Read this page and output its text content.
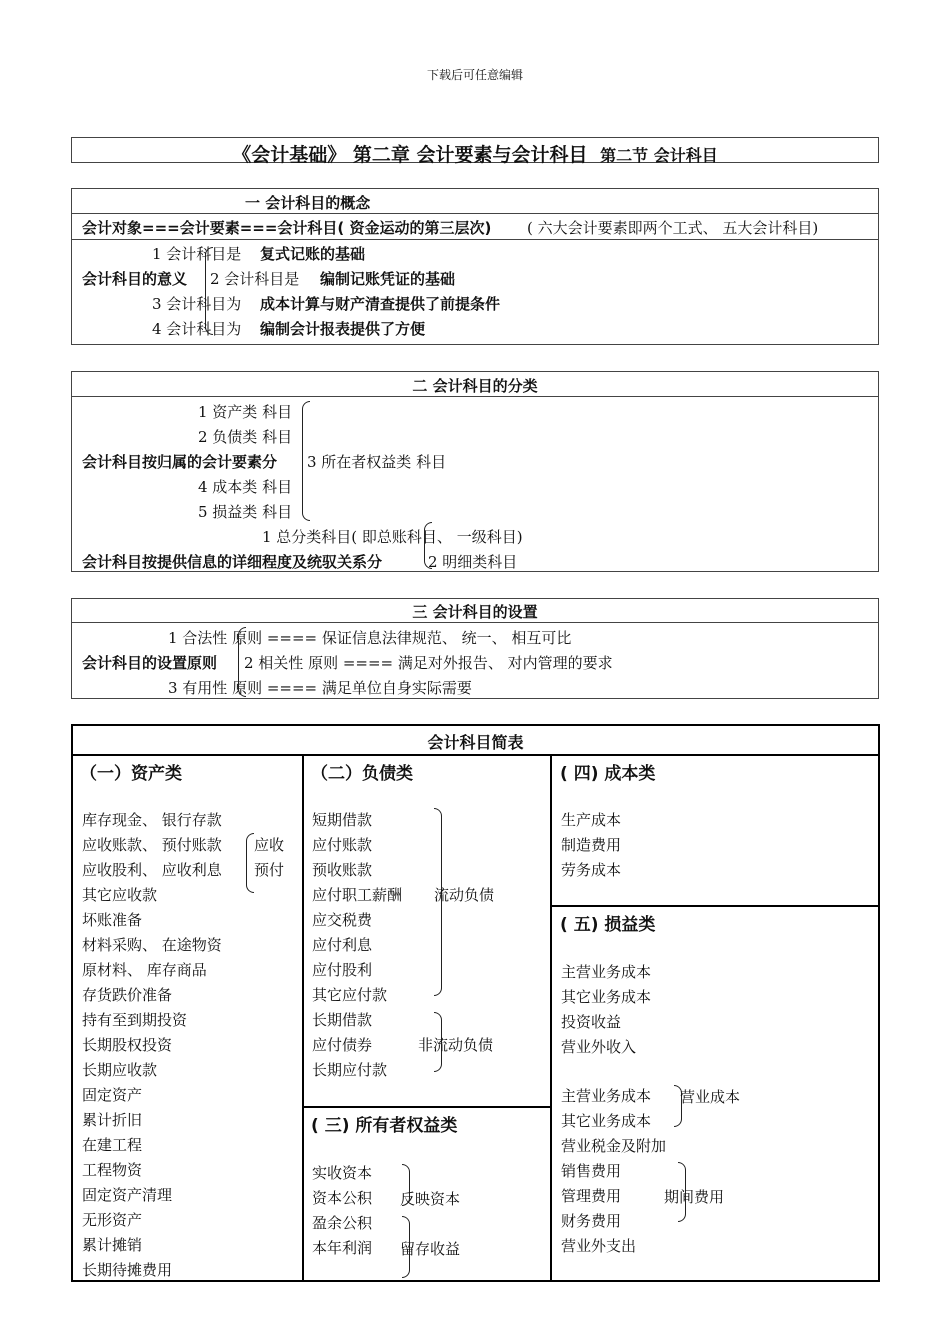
下载后可任意编辑
《会计基础》 第二章 会计要素与会计科目 第二节 会计科目
一 会计科目的概念
会计对象===会计要素===会计科目( 资金运动的第三层次) ( 六大会计要素即两个工式、 五大会计科目)
会计科目的意义
1 会计科目是 复式记账的基础
2 会计科目是 编制记账凭证的基础
3 会计科目为 成本计算与财产清查提供了前提条件
4 会计科目为 编制会计报表提供了方便
二 会计科目的分类
1 资产类 科目
2 负债类 科目
会计科目按归属的会计要素分 3 所在者权益类 科目
4 成本类 科目
5 损益类 科目
1 总分类科目( 即总账科目、 一级科目)
会计科目按提供信息的详细程度及统驭关系分	2 明细类科目
三 会计科目的设置
1 合法性 原则 ==== 保证信息法律规范、 统一、 相互可比
会计科目的设置原则 2 相关性 原则 ==== 满足对外报告、 对内管理的要求
3 有用性 原则 ==== 满足单位自身实际需要
会计科目简表
（一）资产类
库存现金、 银行存款
应收账款、 预付账款
应收股利、 应收利息
其它应收款
坏账准备
材料采购、 在途物资
原材料、 库存商品
存货跌价准备
持有至到期投资
长期股权投资
长期应收款
固定资产
累计折旧
在建工程
工程物资
固定资产清理
无形资产
累计摊销
长期待摊费用
应收
预付
（二）负债类
短期借款
应付账款
预收账款
应付职工薪酬
应交税费
应付利息
应付股利
其它应付款
长期借款
应付债券
长期应付款
流动负债
非流动负债
( 三) 所有者权益类
实收资本
资本公积
盈余公积
本年利润
反映资本
留存收益
( 四) 成本类
生产成本
制造费用
劳务成本
( 五) 损益类
主营业务成本
其它业务成本
投资收益
营业外收入
主营业务成本
其它业务成本
营业税金及附加
销售费用
管理费用
财务费用
营业外支出
营业成本
期间费用
